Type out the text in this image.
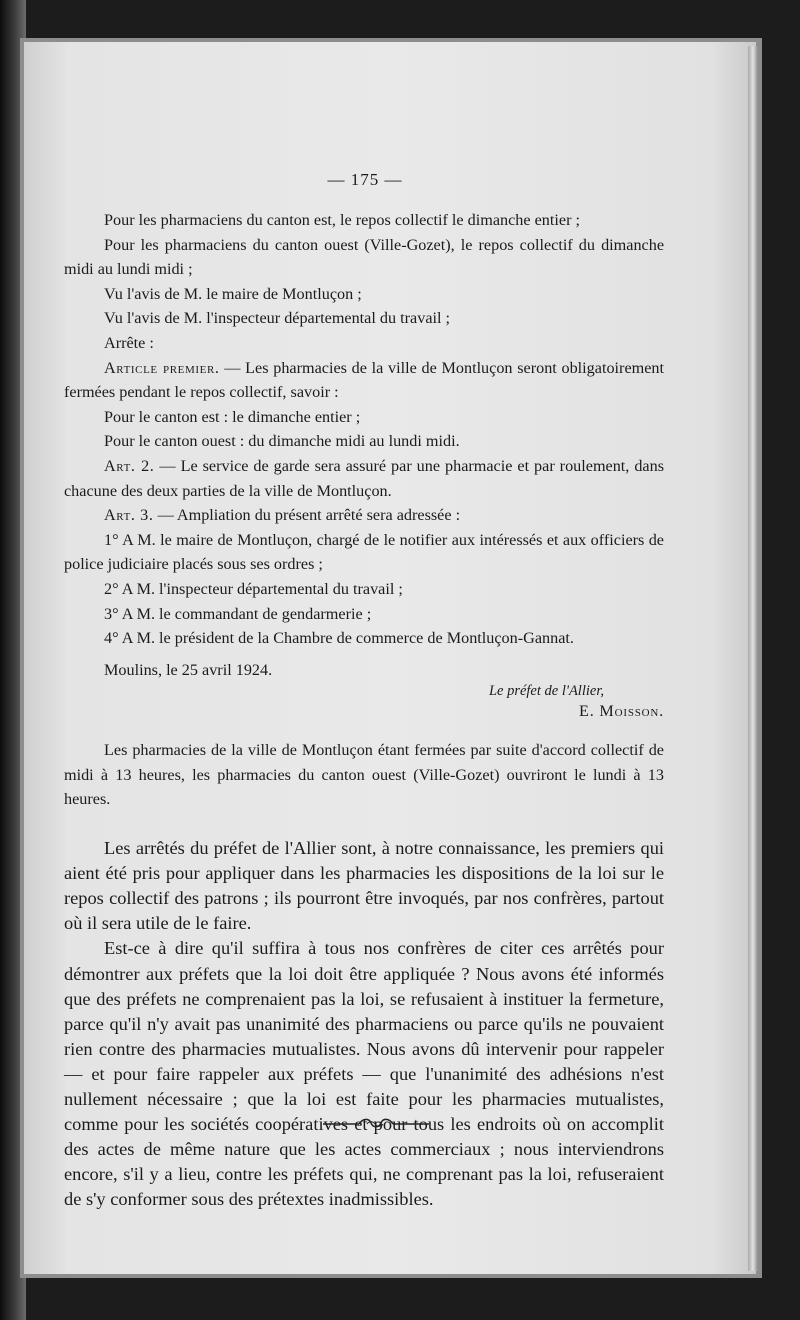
— 175 —

Pour les pharmaciens du canton est, le repos collectif le dimanche entier ;

Pour les pharmaciens du canton ouest (Ville-Gozet), le repos collectif du dimanche midi au lundi midi ;

Vu l'avis de M. le maire de Montluçon ;

Vu l'avis de M. l'inspecteur départemental du travail ;

Arrête :

Article premier. — Les pharmacies de la ville de Montluçon seront obligatoirement fermées pendant le repos collectif, savoir :

Pour le canton est : le dimanche entier ;

Pour le canton ouest : du dimanche midi au lundi midi.

Art. 2. — Le service de garde sera assuré par une pharmacie et par roulement, dans chacune des deux parties de la ville de Montluçon.

Art. 3. — Ampliation du présent arrêté sera adressée :

1° A M. le maire de Montluçon, chargé de le notifier aux intéressés et aux officiers de police judiciaire placés sous ses ordres ;

2° A M. l'inspecteur départemental du travail ;

3° A M. le commandant de gendarmerie ;

4° A M. le président de la Chambre de commerce de Montluçon-Gannat.

Moulins, le 25 avril 1924.

Le préfet de l'Allier,

E. Moisson.

Les pharmacies de la ville de Montluçon étant fermées par suite d'accord collectif de midi à 13 heures, les pharmacies du canton ouest (Ville-Gozet) ouvriront le lundi à 13 heures.

Les arrêtés du préfet de l'Allier sont, à notre connaissance, les premiers qui aient été pris pour appliquer dans les pharmacies les dispositions de la loi sur le repos collectif des patrons ; ils pourront être invoqués, par nos confrères, partout où il sera utile de le faire.

Est-ce à dire qu'il suffira à tous nos confrères de citer ces arrêtés pour démontrer aux préfets que la loi doit être appliquée ? Nous avons été informés que des préfets ne comprenaient pas la loi, se refusaient à instituer la fermeture, parce qu'il n'y avait pas unanimité des pharmaciens ou parce qu'ils ne pouvaient rien contre des pharmacies mutualistes. Nous avons dû intervenir pour rappeler — et pour faire rappeler aux préfets — que l'unanimité des adhésions n'est nullement nécessaire ; que la loi est faite pour les pharmacies mutualistes, comme pour les sociétés coopératives et pour tous les endroits où on accomplit des actes de même nature que les actes commerciaux ; nous interviendrons encore, s'il y a lieu, contre les préfets qui, ne comprenant pas la loi, refuseraient de s'y conformer sous des prétextes inadmissibles.
